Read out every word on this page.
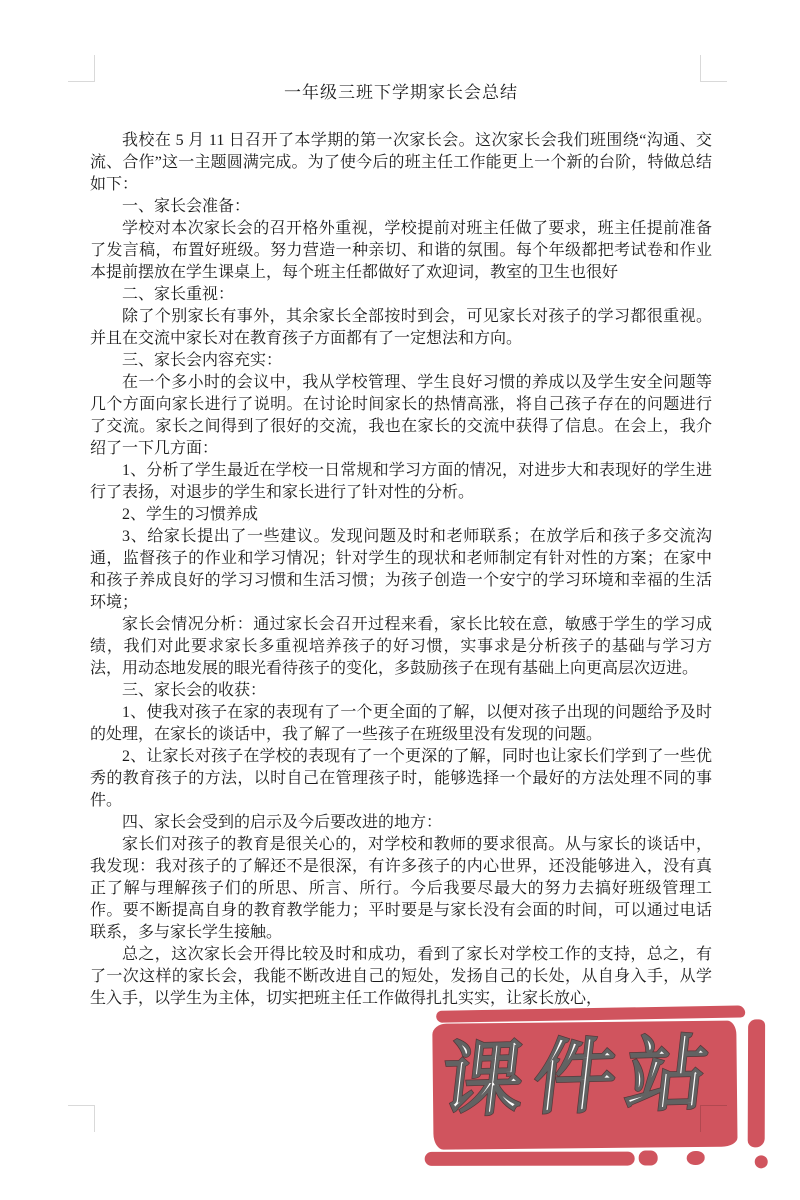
一年级三班下学期家长会总结

我校在 5 月 11 日召开了本学期的第一次家长会。这次家长会我们班围绕“沟通、交流、合作”这一主题圆满完成。为了使今后的班主任工作能更上一个新的台阶，特做总结如下：

一、家长会准备：

学校对本次家长会的召开格外重视，学校提前对班主任做了要求，班主任提前准备了发言稿，布置好班级。努力营造一种亲切、和谐的氛围。每个年级都把考试卷和作业本提前摆放在学生课桌上，每个班主任都做好了欢迎词，教室的卫生也很好

二、家长重视：

除了个别家长有事外，其余家长全部按时到会，可见家长对孩子的学习都很重视。并且在交流中家长对在教育孩子方面都有了一定想法和方向。

三、家长会内容充实：

在一个多小时的会议中，我从学校管理、学生良好习惯的养成以及学生安全问题等几个方面向家长进行了说明。在讨论时间家长的热情高涨，将自己孩子存在的问题进行了交流。家长之间得到了很好的交流，我也在家长的交流中获得了信息。在会上，我介绍了一下几方面：

1、分析了学生最近在学校一日常规和学习方面的情况，对进步大和表现好的学生进行了表扬，对退步的学生和家长进行了针对性的分析。

2、学生的习惯养成

3、给家长提出了一些建议。发现问题及时和老师联系；在放学后和孩子多交流沟通，监督孩子的作业和学习情况；针对学生的现状和老师制定有针对性的方案；在家中和孩子养成良好的学习习惯和生活习惯；为孩子创造一个安宁的学习环境和幸福的生活环境；

家长会情况分析：通过家长会召开过程来看，家长比较在意，敏感于学生的学习成绩，我们对此要求家长多重视培养孩子的好习惯，实事求是分析孩子的基础与学习方法，用动态地发展的眼光看待孩子的变化，多鼓励孩子在现有基础上向更高层次迈进。

三、家长会的收获：

1、使我对孩子在家的表现有了一个更全面的了解，以便对孩子出现的问题给予及时的处理，在家长的谈话中，我了解了一些孩子在班级里没有发现的问题。

2、让家长对孩子在学校的表现有了一个更深的了解，同时也让家长们学到了一些优秀的教育孩子的方法，以时自己在管理孩子时，能够选择一个最好的方法处理不同的事件。

四、家长会受到的启示及今后要改进的地方：

家长们对孩子的教育是很关心的，对学校和教师的要求很高。从与家长的谈话中，我发现：我对孩子的了解还不是很深，有许多孩子的内心世界，还没能够进入，没有真正了解与理解孩子们的所思、所言、所行。今后我要尽最大的努力去搞好班级管理工作。要不断提高自身的教育教学能力；平时要是与家长没有会面的时间，可以通过电话联系，多与家长学生接触。

总之，这次家长会开得比较及时和成功，看到了家长对学校工作的支持，总之，有了一次这样的家长会，我能不断改进自己的短处，发扬自己的长处，从自身入手，从学生入手，以学生为主体，切实把班主任工作做得扎扎实实，让家长放心，

课件站
